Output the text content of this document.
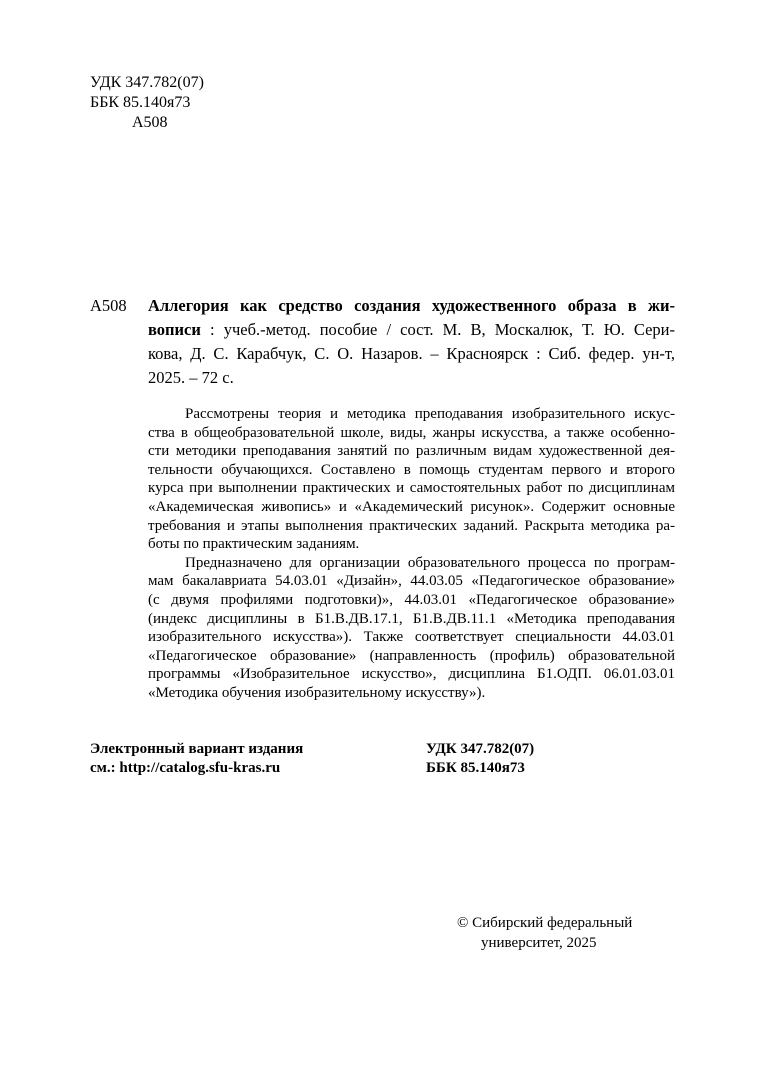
УДК 347.782(07)
ББК 85.140я73
А508
А508 Аллегория как средство создания художественного образа в жи-
вописи : учеб.-метод. пособие / сост. М. В, Москалюк, Т. Ю. Сери-
кова, Д. С. Карабчук, С. О. Назаров. – Красноярск : Сиб. федер. ун-т,
2025. – 72 с.
Рассмотрены теория и методика преподавания изобразительного искус-
ства в общеобразовательной школе, виды, жанры искусства, а также особенно-
сти методики преподавания занятий по различным видам художественной дея-
тельности обучающихся. Составлено в помощь студентам первого и второго
курса при выполнении практических и самостоятельных работ по дисциплинам
«Академическая живопись» и «Академический рисунок». Содержит основные
требования и этапы выполнения практических заданий. Раскрыта методика ра-
боты по практическим заданиям.
Предназначено для организации образовательного процесса по програм-
мам бакалавриата 54.03.01 «Дизайн», 44.03.05 «Педагогическое образование»
(с двумя профилями подготовки)», 44.03.01 «Педагогическое образование»
(индекс дисциплины в Б1.В.ДВ.17.1, Б1.В.ДВ.11.1 «Методика преподавания
изобразительного искусства»). Также соответствует специальности 44.03.01
«Педагогическое образование» (направленность (профиль) образовательной
программы «Изобразительное искусство», дисциплина Б1.ОДП. 06.01.03.01
«Методика обучения изобразительному искусству»).
Электронный вариант издания
см.: http://catalog.sfu-kras.ru
УДК 347.782(07)
ББК 85.140я73
© Сибирский федеральный
университет, 2025
